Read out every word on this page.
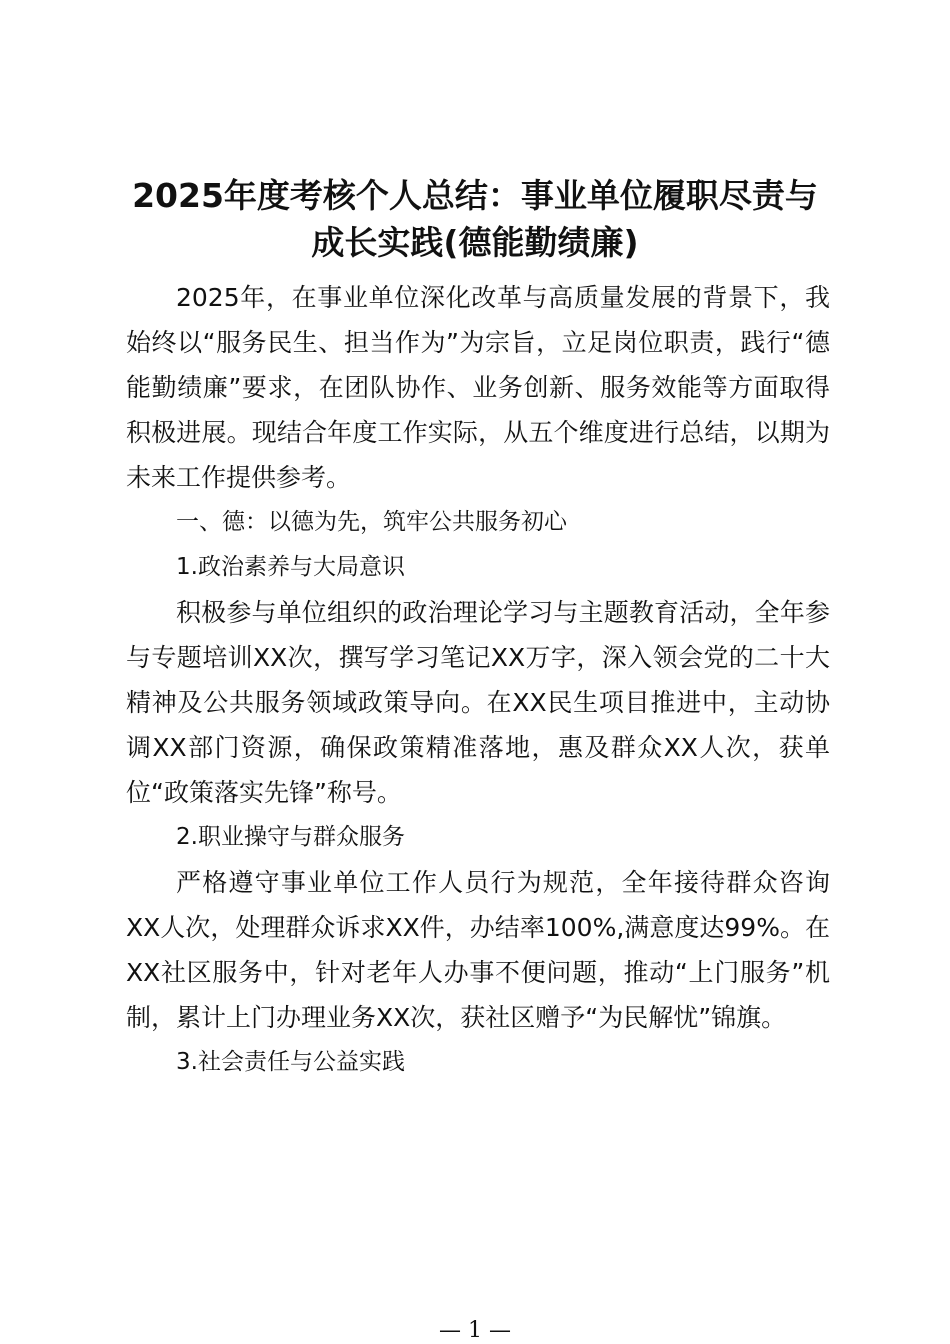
2025年度考核个人总结：事业单位履职尽责与成长实践(德能勤绩廉)

2025年，在事业单位深化改革与高质量发展的背景下，我始终以“服务民生、担当作为”为宗旨，立足岗位职责，践行“德能勤绩廉”要求，在团队协作、业务创新、服务效能等方面取得积极进展。现结合年度工作实际，从五个维度进行总结，以期为未来工作提供参考。

一、德：以德为先，筑牢公共服务初心

1.政治素养与大局意识

积极参与单位组织的政治理论学习与主题教育活动，全年参与专题培训XX次，撰写学习笔记XX万字，深入领会党的二十大精神及公共服务领域政策导向。在XX民生项目推进中，主动协调XX部门资源，确保政策精准落地，惠及群众XX人次，获单位“政策落实先锋”称号。

2.职业操守与群众服务

严格遵守事业单位工作人员行为规范，全年接待群众咨询XX人次，处理群众诉求XX件，办结率100%,满意度达99%。在XX社区服务中，针对老年人办事不便问题，推动“上门服务”机制，累计上门办理业务XX次，获社区赠予“为民解忧”锦旗。

3.社会责任与公益实践

— 1 —
